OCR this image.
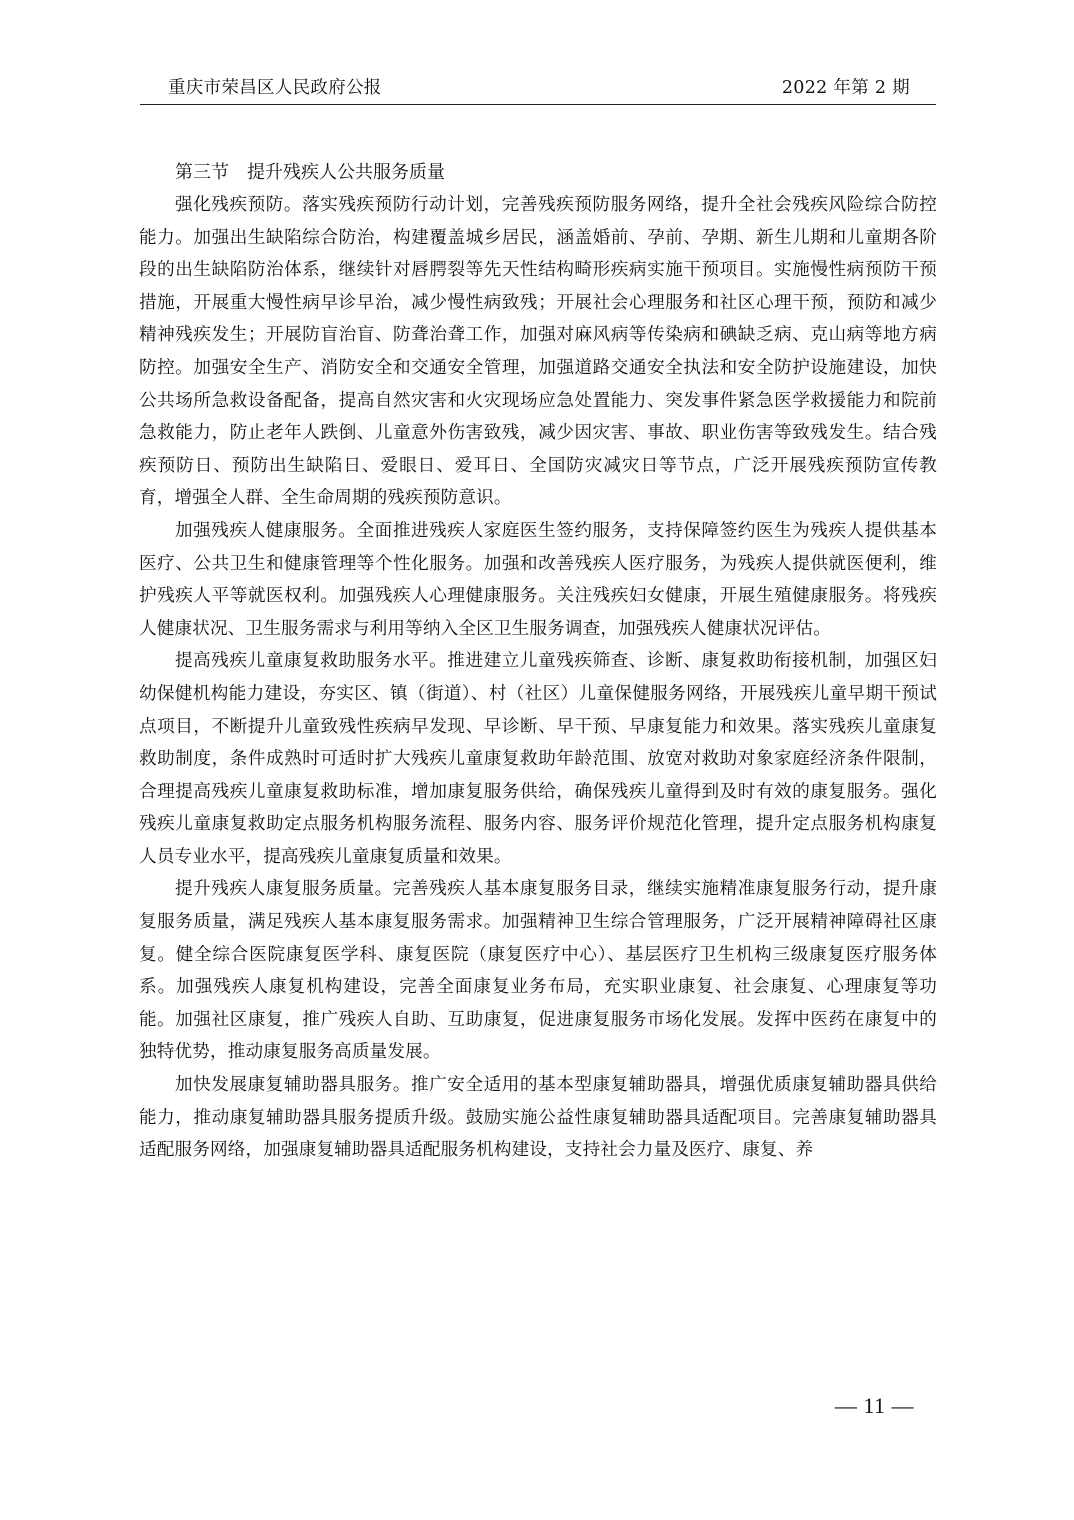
重庆市荣昌区人民政府公报	2022 年第 2 期
第三节　提升残疾人公共服务质量

强化残疾预防。落实残疾预防行动计划，完善残疾预防服务网络，提升全社会残疾风险综合防控能力。加强出生缺陷综合防治，构建覆盖城乡居民，涵盖婚前、孕前、孕期、新生儿期和儿童期各阶段的出生缺陷防治体系，继续针对唇腭裂等先天性结构畸形疾病实施干预项目。实施慢性病预防干预措施，开展重大慢性病早诊早治，减少慢性病致残；开展社会心理服务和社区心理干预，预防和减少精神残疾发生；开展防盲治盲、防聋治聋工作，加强对麻风病等传染病和碘缺乏病、克山病等地方病防控。加强安全生产、消防安全和交通安全管理，加强道路交通安全执法和安全防护设施建设，加快公共场所急救设备配备，提高自然灾害和火灾现场应急处置能力、突发事件紧急医学救援能力和院前急救能力，防止老年人跌倒、儿童意外伤害致残，减少因灾害、事故、职业伤害等致残发生。结合残疾预防日、预防出生缺陷日、爱眼日、爱耳日、全国防灾减灾日等节点，广泛开展残疾预防宣传教育，增强全人群、全生命周期的残疾预防意识。

加强残疾人健康服务。全面推进残疾人家庭医生签约服务，支持保障签约医生为残疾人提供基本医疗、公共卫生和健康管理等个性化服务。加强和改善残疾人医疗服务，为残疾人提供就医便利，维护残疾人平等就医权利。加强残疾人心理健康服务。关注残疾妇女健康，开展生殖健康服务。将残疾人健康状况、卫生服务需求与利用等纳入全区卫生服务调查，加强残疾人健康状况评估。

提高残疾儿童康复救助服务水平。推进建立儿童残疾筛查、诊断、康复救助衔接机制，加强区妇幼保健机构能力建设，夯实区、镇（街道）、村（社区）儿童保健服务网络，开展残疾儿童早期干预试点项目，不断提升儿童致残性疾病早发现、早诊断、早干预、早康复能力和效果。落实残疾儿童康复救助制度，条件成熟时可适时扩大残疾儿童康复救助年龄范围、放宽对救助对象家庭经济条件限制，合理提高残疾儿童康复救助标准，增加康复服务供给，确保残疾儿童得到及时有效的康复服务。强化残疾儿童康复救助定点服务机构服务流程、服务内容、服务评价规范化管理，提升定点服务机构康复人员专业水平，提高残疾儿童康复质量和效果。

提升残疾人康复服务质量。完善残疾人基本康复服务目录，继续实施精准康复服务行动，提升康复服务质量，满足残疾人基本康复服务需求。加强精神卫生综合管理服务，广泛开展精神障碍社区康复。健全综合医院康复医学科、康复医院（康复医疗中心）、基层医疗卫生机构三级康复医疗服务体系。加强残疾人康复机构建设，完善全面康复业务布局，充实职业康复、社会康复、心理康复等功能。加强社区康复，推广残疾人自助、互助康复，促进康复服务市场化发展。发挥中医药在康复中的独特优势，推动康复服务高质量发展。

加快发展康复辅助器具服务。推广安全适用的基本型康复辅助器具，增强优质康复辅助器具供给能力，推动康复辅助器具服务提质升级。鼓励实施公益性康复辅助器具适配项目。完善康复辅助器具适配服务网络，加强康复辅助器具适配服务机构建设，支持社会力量及医疗、康复、养

— 11 —
